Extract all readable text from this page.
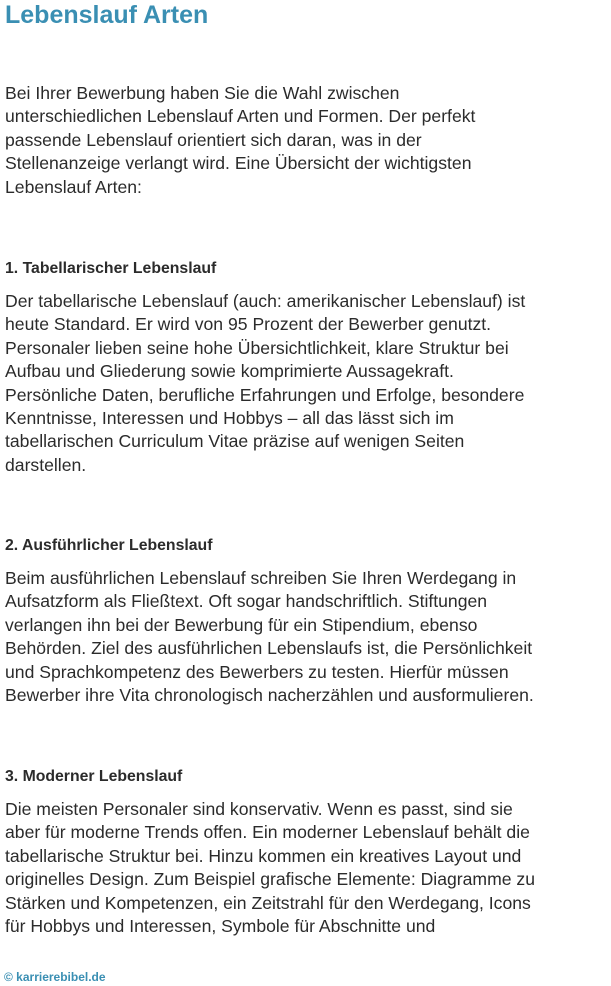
Lebenslauf Arten

Bei Ihrer Bewerbung haben Sie die Wahl zwischen
unterschiedlichen Lebenslauf Arten und Formen. Der perfekt
passende Lebenslauf orientiert sich daran, was in der
Stellenanzeige verlangt wird. Eine Übersicht der wichtigsten
Lebenslauf Arten:

1. Tabellarischer Lebenslauf

Der tabellarische Lebenslauf (auch: amerikanischer Lebenslauf) ist
heute Standard. Er wird von 95 Prozent der Bewerber genutzt.
Personaler lieben seine hohe Übersichtlichkeit, klare Struktur bei
Aufbau und Gliederung sowie komprimierte Aussagekraft.
Persönliche Daten, berufliche Erfahrungen und Erfolge, besondere
Kenntnisse, Interessen und Hobbys – all das lässt sich im
tabellarischen Curriculum Vitae präzise auf wenigen Seiten
darstellen.

2. Ausführlicher Lebenslauf

Beim ausführlichen Lebenslauf schreiben Sie Ihren Werdegang in
Aufsatzform als Fließtext. Oft sogar handschriftlich. Stiftungen
verlangen ihn bei der Bewerbung für ein Stipendium, ebenso
Behörden. Ziel des ausführlichen Lebenslaufs ist, die Persönlichkeit
und Sprachkompetenz des Bewerbers zu testen. Hierfür müssen
Bewerber ihre Vita chronologisch nacherzählen und ausformulieren.

3. Moderner Lebenslauf

Die meisten Personaler sind konservativ. Wenn es passt, sind sie
aber für moderne Trends offen. Ein moderner Lebenslauf behält die
tabellarische Struktur bei. Hinzu kommen ein kreatives Layout und
originelles Design. Zum Beispiel grafische Elemente: Diagramme zu
Stärken und Kompetenzen, ein Zeitstrahl für den Werdegang, Icons
für Hobbys und Interessen, Symbole für Abschnitte und

© karrierebibel.de
